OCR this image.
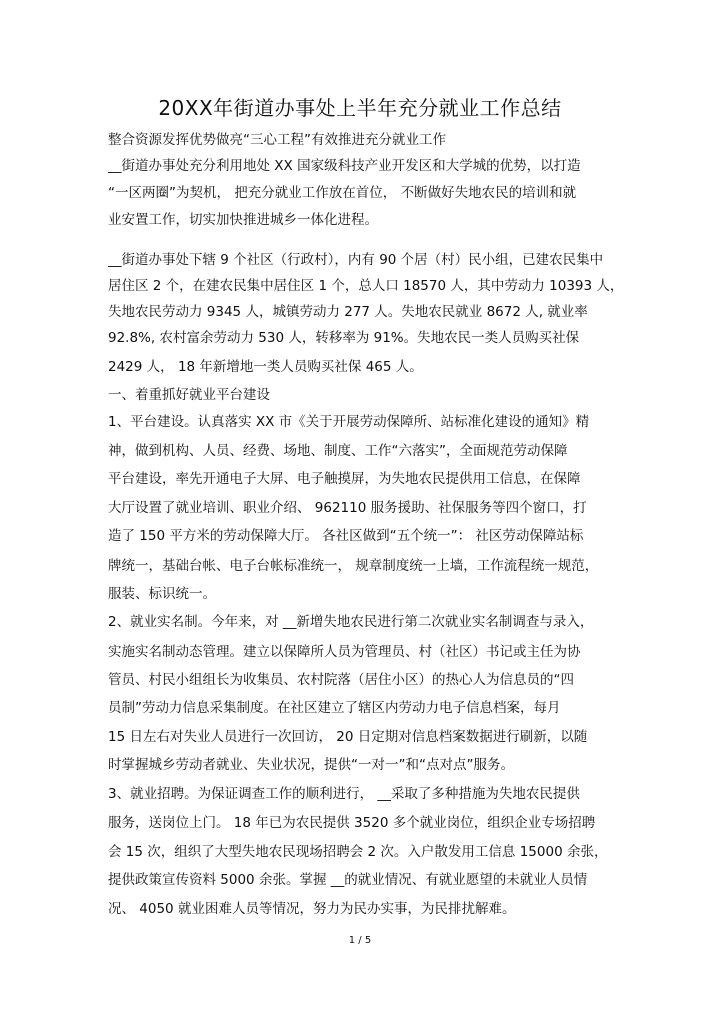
20XX年街道办事处上半年充分就业工作总结
整合资源发挥优势做亮“三心工程”有效推进充分就业工作
__街道办事处充分利用地处 XX 国家级科技产业开发区和大学城的优势，以打造
“一区两圈”为契机， 把充分就业工作放在首位， 不断做好失地农民的培训和就
业安置工作，切实加快推进城乡一体化进程。
__街道办事处下辖 9 个社区（行政村），内有 90 个居（村）民小组，已建农民集中
居住区 2 个，在建农民集中居住区 1 个，总人口 18570 人，其中劳动力 10393 人，
失地农民劳动力 9345 人，城镇劳动力 277 人。失地农民就业 8672 人, 就业率
92.8%, 农村富余劳动力 530 人，转移率为 91%。失地农民一类人员购买社保
2429 人， 18 年新增地一类人员购买社保 465 人。
一、着重抓好就业平台建设
1、平台建设。认真落实 XX 市《关于开展劳动保障所、站标准化建设的通知》精
神，做到机构、人员、经费、场地、制度、工作“六落实”，全面规范劳动保障
平台建设，率先开通电子大屏、电子触摸屏，为失地农民提供用工信息，在保障
大厅设置了就业培训、职业介绍、 962110 服务援助、社保服务等四个窗口，打
造了 150 平方米的劳动保障大厅。 各社区做到“五个统一”： 社区劳动保障站标
牌统一，基础台帐、电子台帐标准统一， 规章制度统一上墙，工作流程统一规范，
服装、标识统一。
2、就业实名制。今年来，对 __新增失地农民进行第二次就业实名制调查与录入，
实施实名制动态管理。建立以保障所人员为管理员、村（社区）书记或主任为协
管员、村民小组组长为收集员、农村院落（居住小区）的热心人为信息员的“四
员制”劳动力信息采集制度。在社区建立了辖区内劳动力电子信息档案，每月
15 日左右对失业人员进行一次回访， 20 日定期对信息档案数据进行刷新，以随
时掌握城乡劳动者就业、失业状况，提供“一对一”和“点对点”服务。
3、就业招聘。为保证调查工作的顺利进行， __采取了多种措施为失地农民提供
服务，送岗位上门。 18 年已为农民提供 3520 多个就业岗位，组织企业专场招聘
会 15 次，组织了大型失地农民现场招聘会 2 次。入户散发用工信息 15000 余张，
提供政策宣传资料 5000 余张。掌握 __的就业情况、有就业愿望的未就业人员情
况、 4050 就业困难人员等情况，努力为民办实事，为民排扰解难。
1 / 5
